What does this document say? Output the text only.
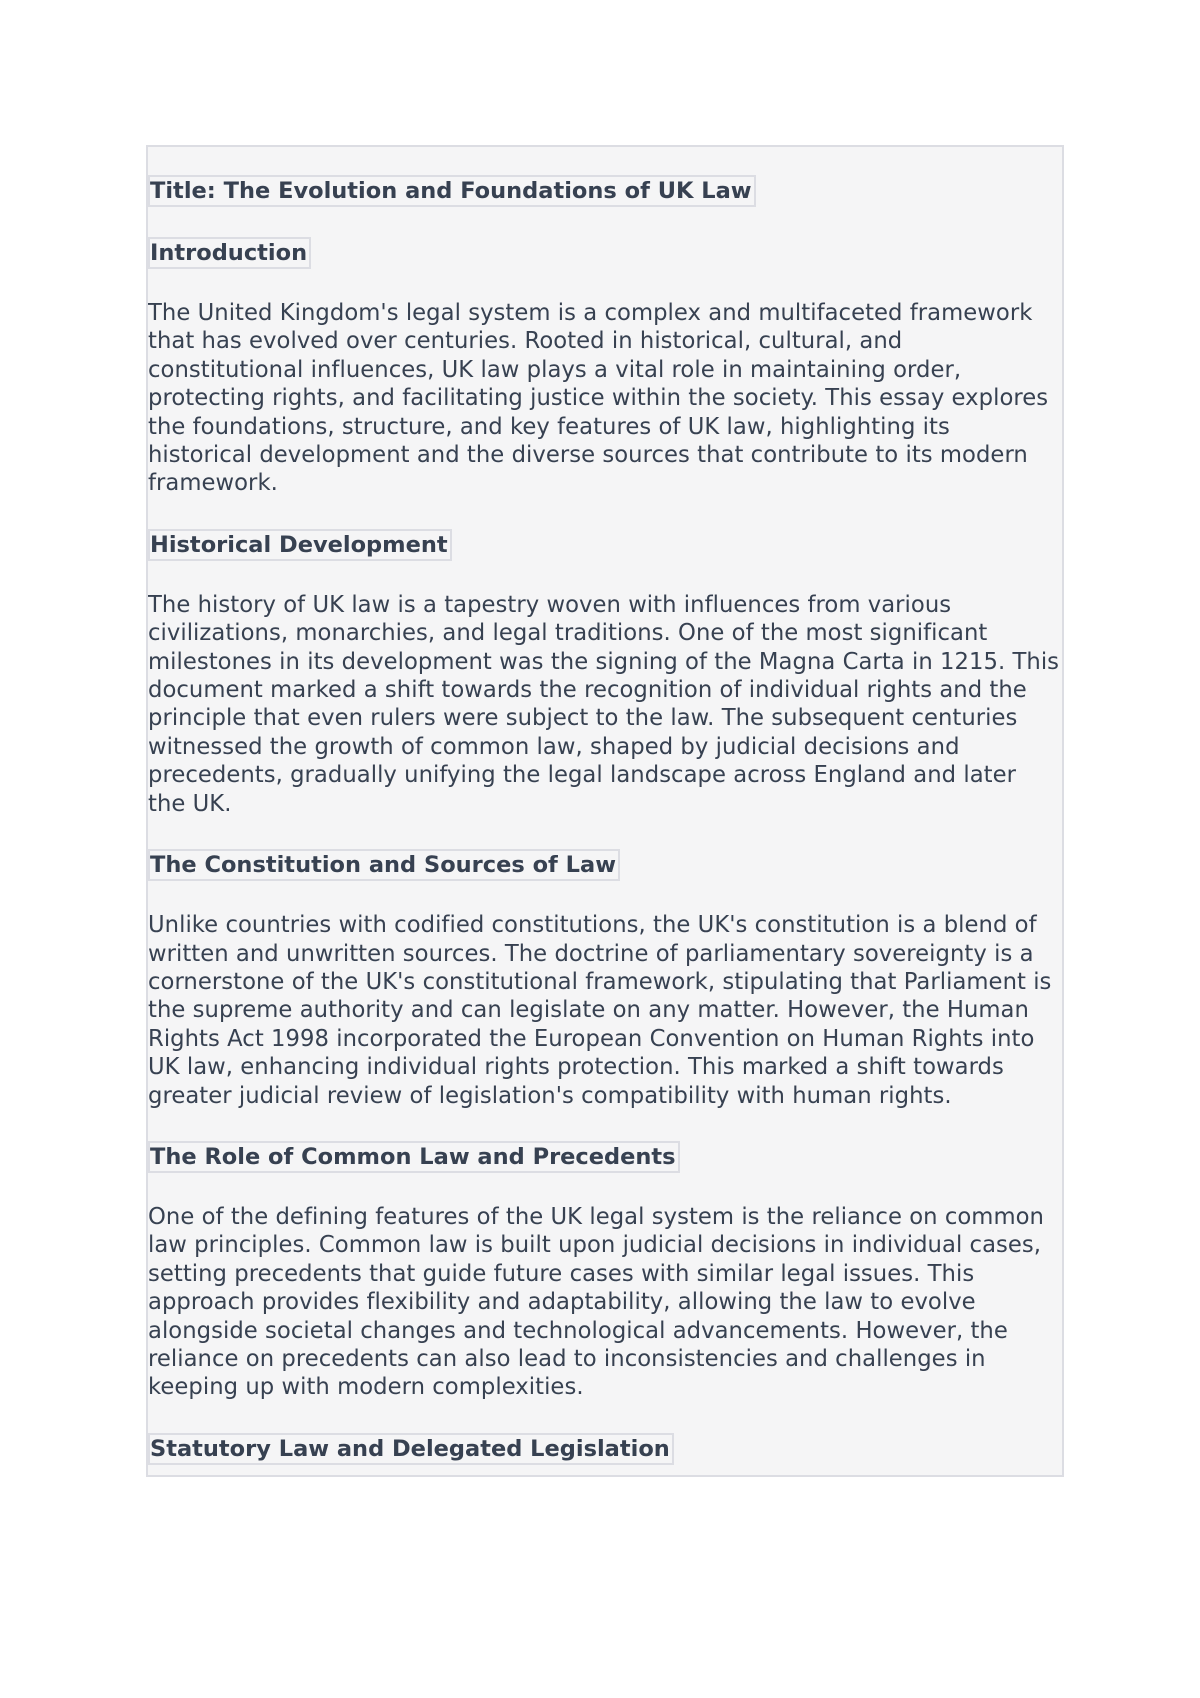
Title: The Evolution and Foundations of UK Law
Introduction
The United Kingdom's legal system is a complex and multifaceted framework that has evolved over centuries. Rooted in historical, cultural, and constitutional influences, UK law plays a vital role in maintaining order, protecting rights, and facilitating justice within the society. This essay explores the foundations, structure, and key features of UK law, highlighting its historical development and the diverse sources that contribute to its modern framework.
Historical Development
The history of UK law is a tapestry woven with influences from various civilizations, monarchies, and legal traditions. One of the most significant milestones in its development was the signing of the Magna Carta in 1215. This document marked a shift towards the recognition of individual rights and the principle that even rulers were subject to the law. The subsequent centuries witnessed the growth of common law, shaped by judicial decisions and precedents, gradually unifying the legal landscape across England and later the UK.
The Constitution and Sources of Law
Unlike countries with codified constitutions, the UK's constitution is a blend of written and unwritten sources. The doctrine of parliamentary sovereignty is a cornerstone of the UK's constitutional framework, stipulating that Parliament is the supreme authority and can legislate on any matter. However, the Human Rights Act 1998 incorporated the European Convention on Human Rights into UK law, enhancing individual rights protection. This marked a shift towards greater judicial review of legislation's compatibility with human rights.
The Role of Common Law and Precedents
One of the defining features of the UK legal system is the reliance on common law principles. Common law is built upon judicial decisions in individual cases, setting precedents that guide future cases with similar legal issues. This approach provides flexibility and adaptability, allowing the law to evolve alongside societal changes and technological advancements. However, the reliance on precedents can also lead to inconsistencies and challenges in keeping up with modern complexities.
Statutory Law and Delegated Legislation
